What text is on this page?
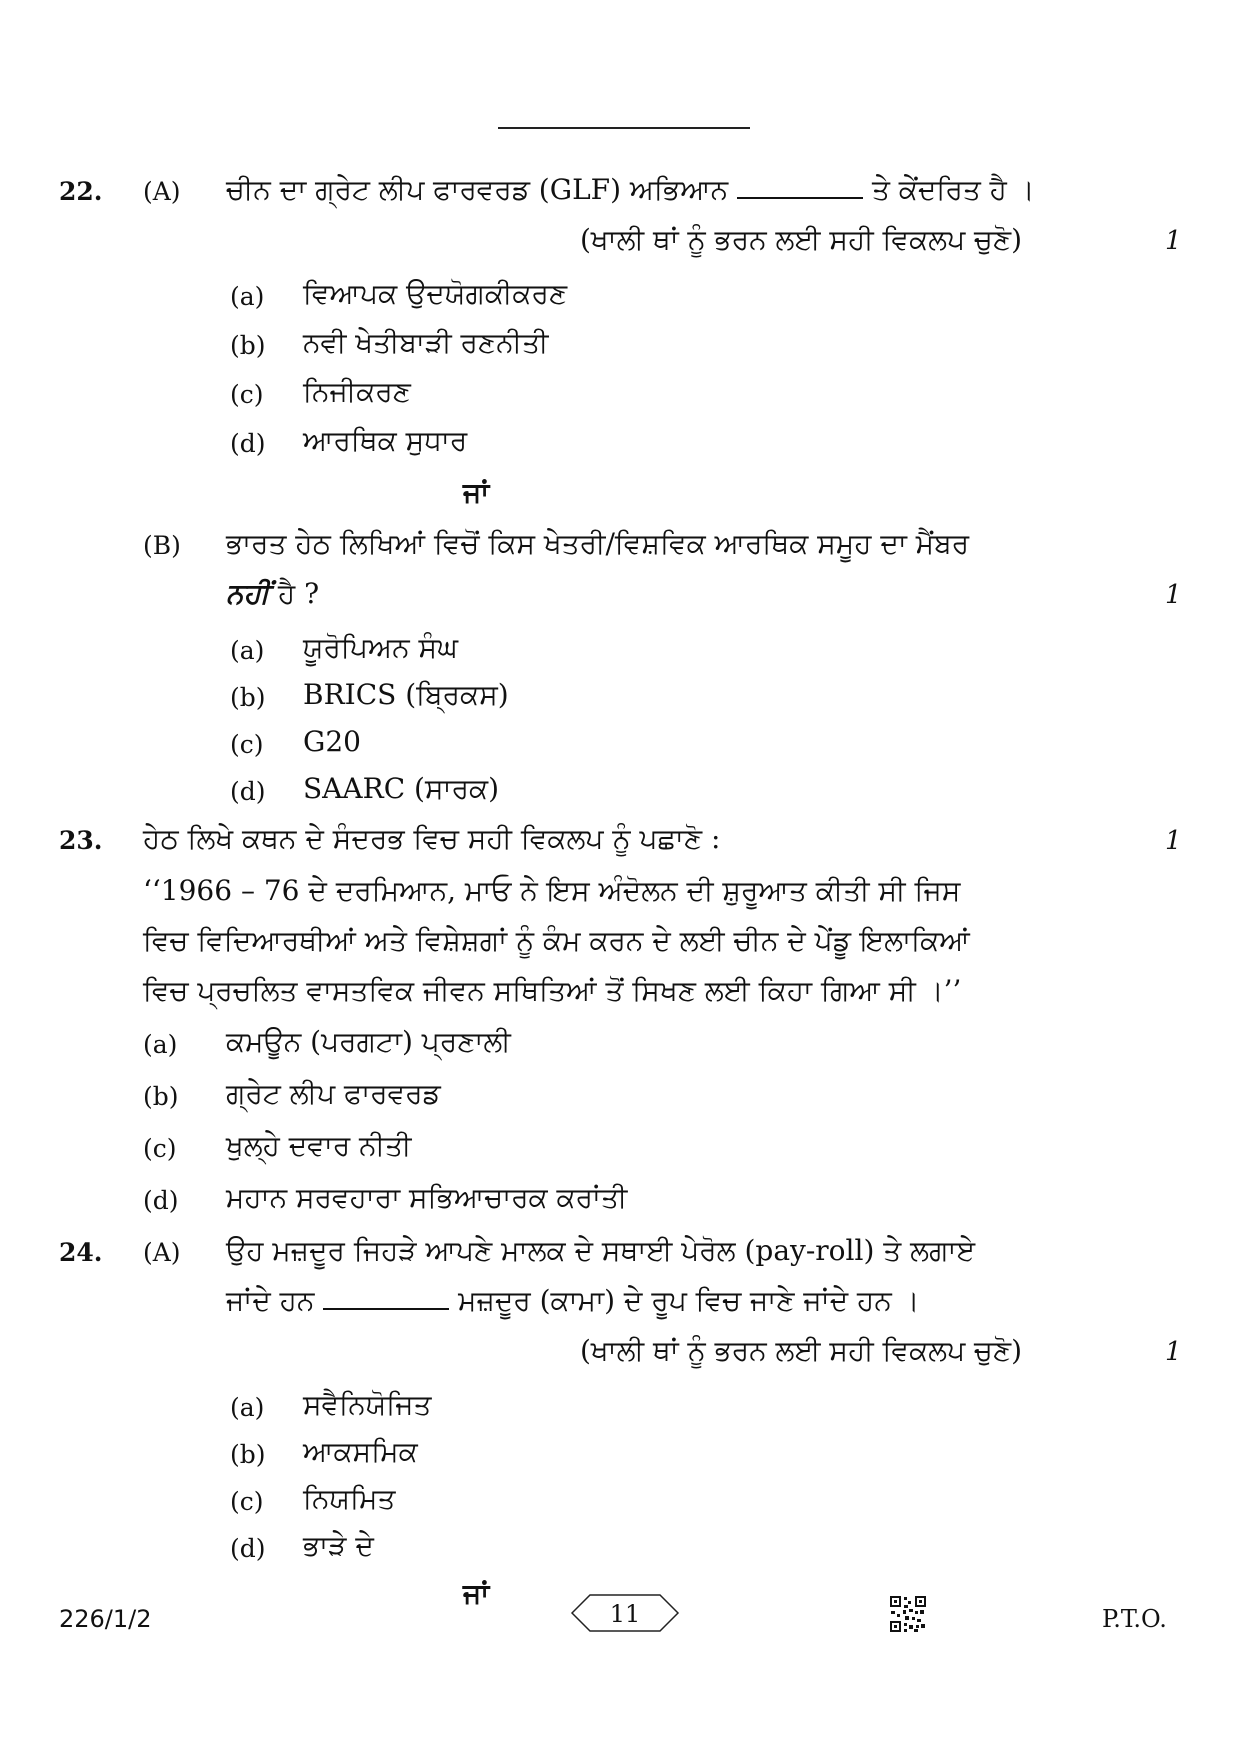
22. (A) ਚੀਨ ਦਾ ਗ੍ਰੇਟ ਲੀਪ ਫਾਰਵਰਡ (GLF) ਅਭਿਆਨ	ਤੇ ਕੇਂਦਰਿਤ ਹੈ ।
(ਖਾਲੀ ਥਾਂ ਨੂੰ ਭਰਨ ਲਈ ਸਹੀ ਵਿਕਲਪ ਚੁਣੋ)	1
(a) ਵਿਆਪਕ ਉਦਯੋਗਕੀਕਰਣ
(b) ਨਵੀ ਖੇਤੀਬਾੜੀ ਰਣਨੀਤੀ
(c) ਨਿਜੀਕਰਣ
(d) ਆਰਥਿਕ ਸੁਧਾਰ
ਜਾਂ
(B) ਭਾਰਤ ਹੇਠ ਲਿਖਿਆਂ ਵਿਚੋਂ ਕਿਸ ਖੇਤਰੀ/ਵਿਸ਼ਵਿਕ ਆਰਥਿਕ ਸਮੂਹ ਦਾ ਮੈਂਬਰ
ਨਹੀਂ ਹੈ ?	1
(a) ਯੂਰੋਪਿਅਨ ਸੰਘ
(b) BRICS (ਬ੍ਰਿਕਸ)
(c) G20
(d) SAARC (ਸਾਰਕ)
23. ਹੇਠ ਲਿਖੇ ਕਥਨ ਦੇ ਸੰਦਰਭ ਵਿਚ ਸਹੀ ਵਿਕਲਪ ਨੂੰ ਪਛਾਣੋ :	1
‘‘1966 – 76 ਦੇ ਦਰਮਿਆਨ, ਮਾਓ ਨੇ ਇਸ ਅੰਦੋਲਨ ਦੀ ਸ਼ੁਰੂਆਤ ਕੀਤੀ ਸੀ ਜਿਸ
ਵਿਚ ਵਿਦਿਆਰਥੀਆਂ ਅਤੇ ਵਿਸ਼ੇਸ਼ਗਾਂ ਨੂੰ ਕੰਮ ਕਰਨ ਦੇ ਲਈ ਚੀਨ ਦੇ ਪੇਂਡੂ ਇਲਾਕਿਆਂ
ਵਿਚ ਪ੍ਰਚਲਿਤ ਵਾਸਤਵਿਕ ਜੀਵਨ ਸਥਿਤਿਆਂ ਤੋਂ ਸਿਖਣ ਲਈ ਕਿਹਾ ਗਿਆ ਸੀ ।’’
(a) ਕਮਊਨ (ਪਰਗਟਾ) ਪ੍ਰਣਾਲੀ
(b) ਗ੍ਰੇਟ ਲੀਪ ਫਾਰਵਰਡ
(c) ਖੁਲ੍ਹੇ ਦਵਾਰ ਨੀਤੀ
(d) ਮਹਾਨ ਸਰਵਹਾਰਾ ਸਭਿਆਚਾਰਕ ਕਰਾਂਤੀ
24. (A) ਉਹ ਮਜ਼ਦੂਰ ਜਿਹੜੇ ਆਪਣੇ ਮਾਲਕ ਦੇ ਸਥਾਈ ਪੇਰੋਲ (pay-roll) ਤੇ ਲਗਾਏ
ਜਾਂਦੇ ਹਨ	ਮਜ਼ਦੂਰ (ਕਾਮਾ) ਦੇ ਰੂਪ ਵਿਚ ਜਾਣੇ ਜਾਂਦੇ ਹਨ ।
(ਖਾਲੀ ਥਾਂ ਨੂੰ ਭਰਨ ਲਈ ਸਹੀ ਵਿਕਲਪ ਚੁਣੋ)	1
(a) ਸਵੈਨਿਯੋਜਿਤ
(b) ਆਕਸਮਿਕ
(c) ਨਿਯਮਿਤ
(d) ਭਾੜੇ ਦੇ
ਜਾਂ
226/1/2	11	P.T.O.
